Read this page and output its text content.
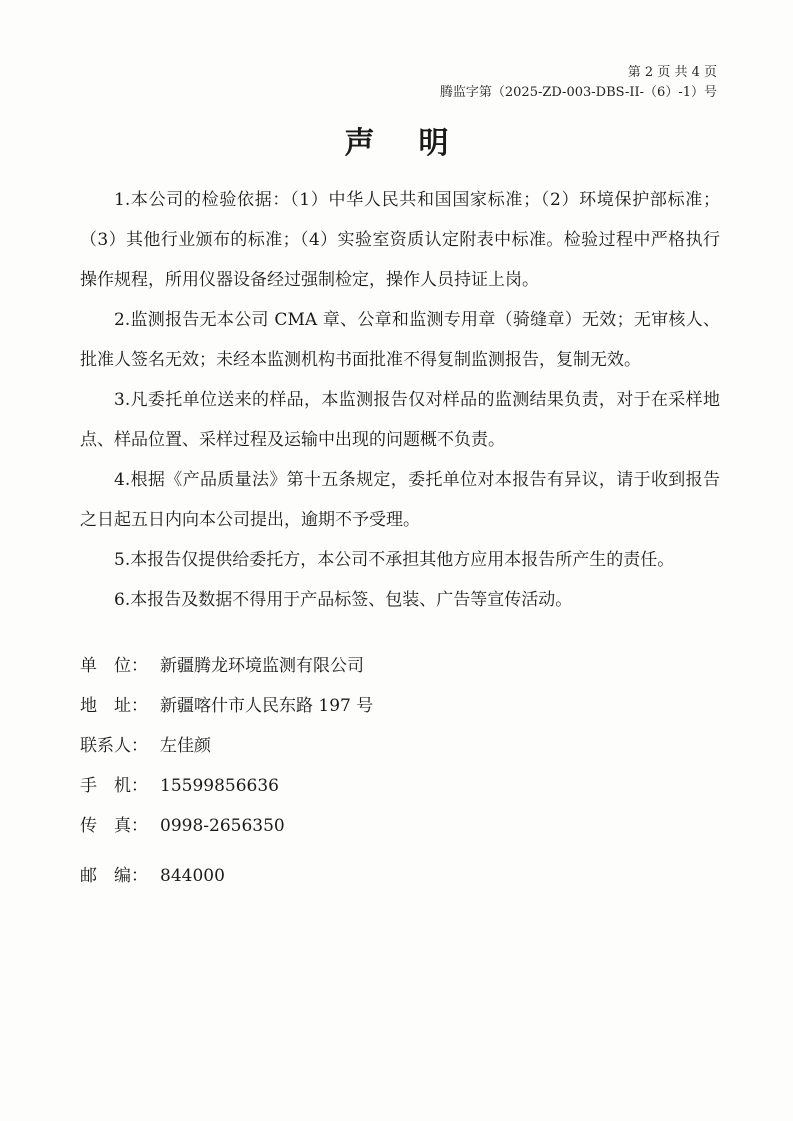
第 2 页 共 4 页
腾监字第（2025-ZD-003-DBS-II-（6）-1）号
声明

1.本公司的检验依据：（1）中华人民共和国国家标准；（2）环境保护部标准；（3）其他行业颁布的标准；（4）实验室资质认定附表中标准。检验过程中严格执行操作规程，所用仪器设备经过强制检定，操作人员持证上岗。

2.监测报告无本公司 CMA 章、公章和监测专用章（骑缝章）无效；无审核人、批准人签名无效；未经本监测机构书面批准不得复制监测报告，复制无效。

3.凡委托单位送来的样品，本监测报告仅对样品的监测结果负责，对于在采样地点、样品位置、采样过程及运输中出现的问题概不负责。

4.根据《产品质量法》第十五条规定，委托单位对本报告有异议，请于收到报告之日起五日内向本公司提出，逾期不予受理。

5.本报告仅提供给委托方，本公司不承担其他方应用本报告所产生的责任。

6.本报告及数据不得用于产品标签、包装、广告等宣传活动。

单　位： 新疆腾龙环境监测有限公司
地　址： 新疆喀什市人民东路 197 号
联系人： 左佳颜
手　机： 15599856636
传　真： 0998-2656350
邮　编： 844000
